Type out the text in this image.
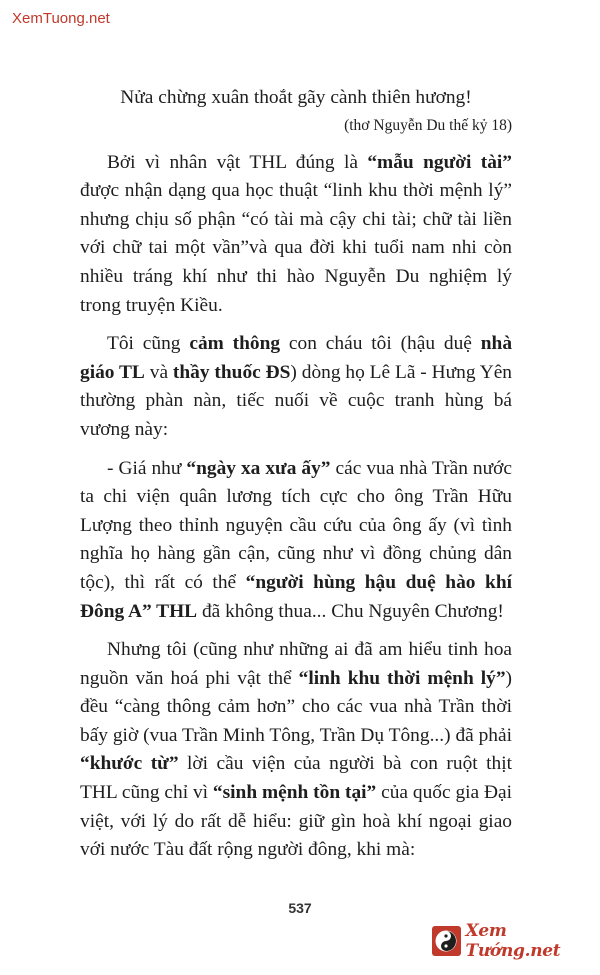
XemTuong.net

Nửa chừng xuân thoắt gãy cành thiên hương!

(thơ Nguyễn Du thế kỷ 18)

Bởi vì nhân vật THL đúng là “mẫu người tài” được nhận dạng qua học thuật “linh khu thời mệnh lý” nhưng chịu số phận “có tài mà cậy chi tài; chữ tài liền với chữ tai một vần”và qua đời khi tuổi nam nhi còn nhiều tráng khí như thi hào Nguyễn Du nghiệm lý trong truyện Kiều.

Tôi cũng cảm thông con cháu tôi (hậu duệ nhà giáo TL và thầy thuốc ĐS) dòng họ Lê Lã - Hưng Yên thường phàn nàn, tiếc nuối về cuộc tranh hùng bá vương này:

- Giá như “ngày xa xưa ấy” các vua nhà Trần nước ta chi viện quân lương tích cực cho ông Trần Hữu Lượng theo thỉnh nguyện cầu cứu của ông ấy (vì tình nghĩa họ hàng gần cận, cũng như vì đồng chủng dân tộc), thì rất có thể “người hùng hậu duệ hào khí Đông A” THL đã không thua... Chu Nguyên Chương!

Nhưng tôi (cũng như những ai đã am hiểu tinh hoa nguồn văn hoá phi vật thể “linh khu thời mệnh lý”) đều “càng thông cảm hơn” cho các vua nhà Trần thời bấy giờ (vua Trần Minh Tông, Trần Dụ Tông...) đã phải “khước từ” lời cầu viện của người bà con ruột thịt THL cũng chỉ vì “sinh mệnh tồn tại” của quốc gia Đại việt, với lý do rất dễ hiểu: giữ gìn hoà khí ngoại giao với nước Tàu đất rộng người đông, khi mà:

537
Xem Tướng.net
